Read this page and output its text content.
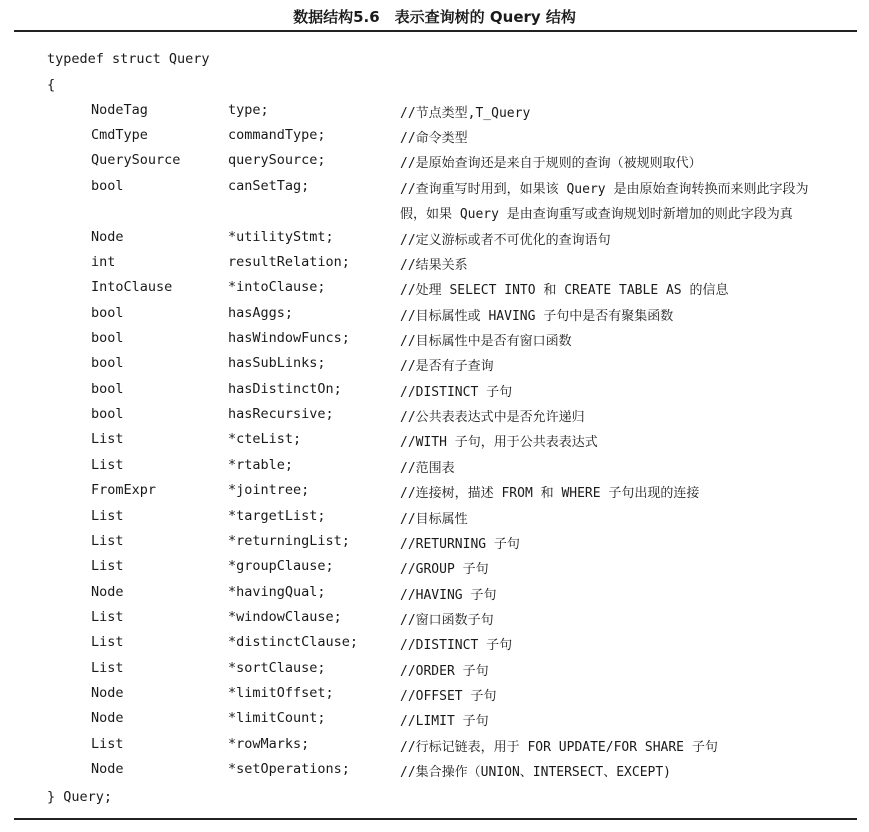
数据结构5.6　表示查询树的 Query 结构
typedef struct Query
{
NodeTag	type;	//节点类型,T_Query
CmdType	commandType;	//命令类型
QuerySource	querySource;	//是原始查询还是来自于规则的查询（被规则取代）
bool	canSetTag;	//查询重写时用到，如果该 Query 是由原始查询转换而来则此字段为
假，如果 Query 是由查询重写或查询规划时新增加的则此字段为真
Node	*utilityStmt;	//定义游标或者不可优化的查询语句
int	resultRelation;	//结果关系
IntoClause	*intoClause;	//处理 SELECT INTO 和 CREATE TABLE AS 的信息
bool	hasAggs;	//目标属性或 HAVING 子句中是否有聚集函数
bool	hasWindowFuncs;	//目标属性中是否有窗口函数
bool	hasSubLinks;	//是否有子查询
bool	hasDistinctOn;	//DISTINCT 子句
bool	hasRecursive;	//公共表表达式中是否允许递归
List	*cteList;	//WITH 子句，用于公共表表达式
List	*rtable;	//范围表
FromExpr	*jointree;	//连接树，描述 FROM 和 WHERE 子句出现的连接
List	*targetList;	//目标属性
List	*returningList;	//RETURNING 子句
List	*groupClause;	//GROUP 子句
Node	*havingQual;	//HAVING 子句
List	*windowClause;	//窗口函数子句
List	*distinctClause;	//DISTINCT 子句
List	*sortClause;	//ORDER 子句
Node	*limitOffset;	//OFFSET 子句
Node	*limitCount;	//LIMIT 子句
List	*rowMarks;	//行标记链表，用于 FOR UPDATE/FOR SHARE 子句
Node	*setOperations;	//集合操作（UNION、INTERSECT、EXCEPT)
} Query;
